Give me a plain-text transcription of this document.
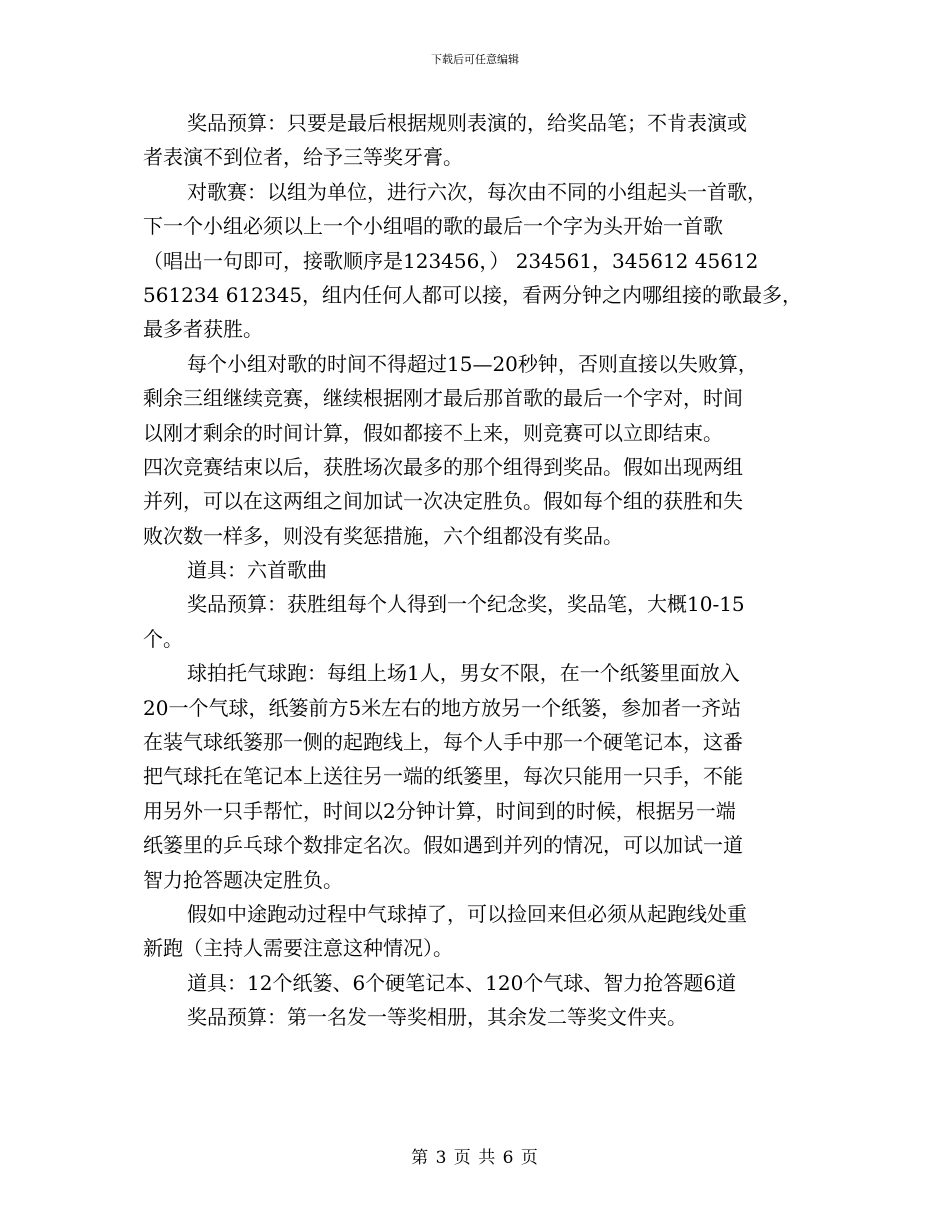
下载后可任意编辑
奖品预算：只要是最后根据规则表演的，给奖品笔；不肯表演或
者表演不到位者，给予三等奖牙膏。
对歌赛：以组为单位，进行六次，每次由不同的小组起头一首歌，
下一个小组必须以上一个小组唱的歌的最后一个字为头开始一首歌
（唱出一句即可，接歌顺序是123456，） 234561，345612 45612
561234 612345，组内任何人都可以接，看两分钟之内哪组接的歌最多，
最多者获胜。
每个小组对歌的时间不得超过15—20秒钟，否则直接以失败算，
剩余三组继续竞赛，继续根据刚才最后那首歌的最后一个字对，时间
以刚才剩余的时间计算，假如都接不上来，则竞赛可以立即结束。
四次竞赛结束以后，获胜场次最多的那个组得到奖品。假如出现两组
并列，可以在这两组之间加试一次决定胜负。假如每个组的获胜和失
败次数一样多，则没有奖惩措施，六个组都没有奖品。
道具：六首歌曲
奖品预算：获胜组每个人得到一个纪念奖，奖品笔，大概10-15
个。
球拍托气球跑：每组上场1人，男女不限，在一个纸篓里面放入
20一个气球，纸篓前方5米左右的地方放另一个纸篓，参加者一齐站
在装气球纸篓那一侧的起跑线上，每个人手中那一个硬笔记本，这番
把气球托在笔记本上送往另一端的纸篓里，每次只能用一只手，不能
用另外一只手帮忙，时间以2分钟计算，时间到的时候，根据另一端
纸篓里的乒乓球个数排定名次。假如遇到并列的情况，可以加试一道
智力抢答题决定胜负。
假如中途跑动过程中气球掉了，可以捡回来但必须从起跑线处重
新跑（主持人需要注意这种情况）。
道具：12个纸篓、6个硬笔记本、120个气球、智力抢答题6道
奖品预算：第一名发一等奖相册，其余发二等奖文件夹。
第 3 页 共 6 页
